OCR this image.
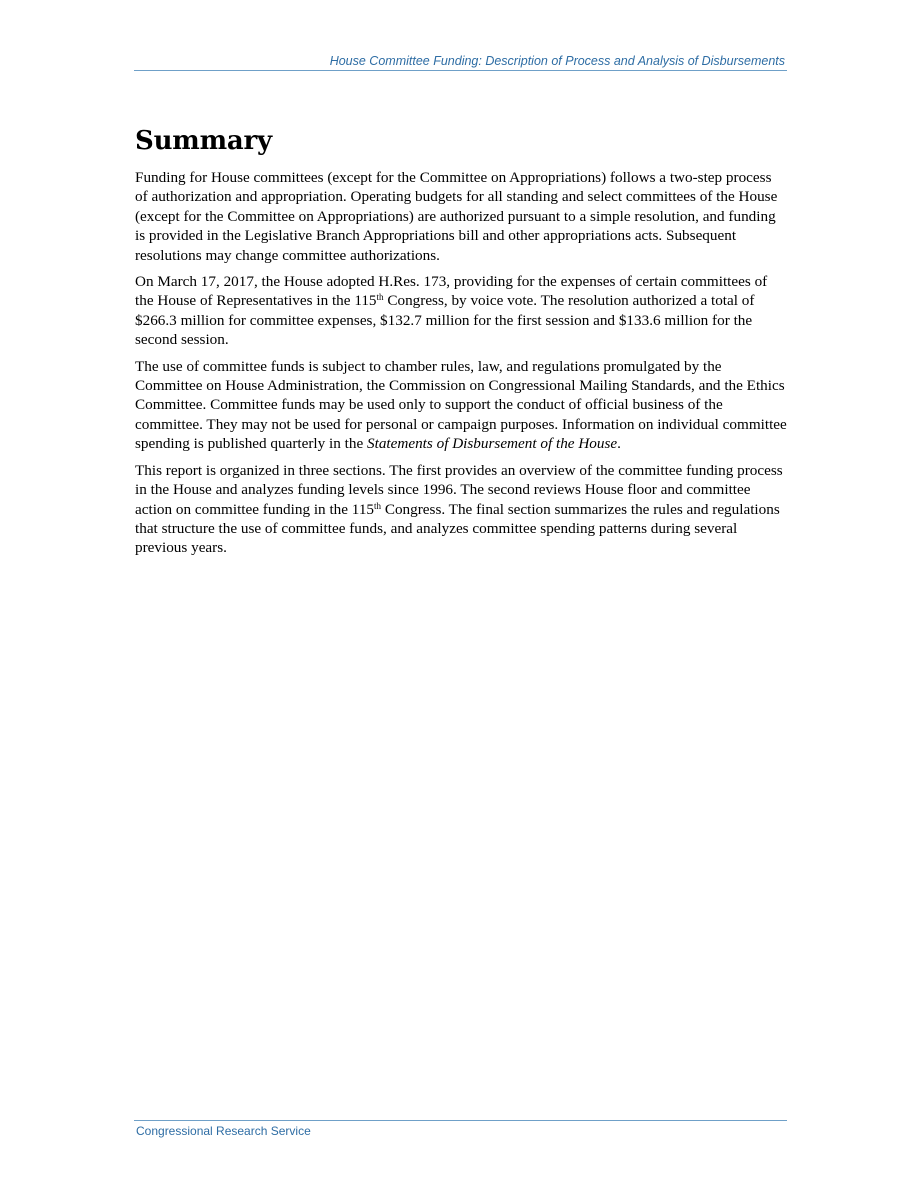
House Committee Funding: Description of Process and Analysis of Disbursements
Summary

Funding for House committees (except for the Committee on Appropriations) follows a two-step process of authorization and appropriation. Operating budgets for all standing and select committees of the House (except for the Committee on Appropriations) are authorized pursuant to a simple resolution, and funding is provided in the Legislative Branch Appropriations bill and other appropriations acts. Subsequent resolutions may change committee authorizations.

On March 17, 2017, the House adopted H.Res. 173, providing for the expenses of certain committees of the House of Representatives in the 115th Congress, by voice vote. The resolution authorized a total of $266.3 million for committee expenses, $132.7 million for the first session and $133.6 million for the second session.

The use of committee funds is subject to chamber rules, law, and regulations promulgated by the Committee on House Administration, the Commission on Congressional Mailing Standards, and the Ethics Committee. Committee funds may be used only to support the conduct of official business of the committee. They may not be used for personal or campaign purposes. Information on individual committee spending is published quarterly in the Statements of Disbursement of the House.

This report is organized in three sections. The first provides an overview of the committee funding process in the House and analyzes funding levels since 1996. The second reviews House floor and committee action on committee funding in the 115th Congress. The final section summarizes the rules and regulations that structure the use of committee funds, and analyzes committee spending patterns during several previous years.

Congressional Research Service
